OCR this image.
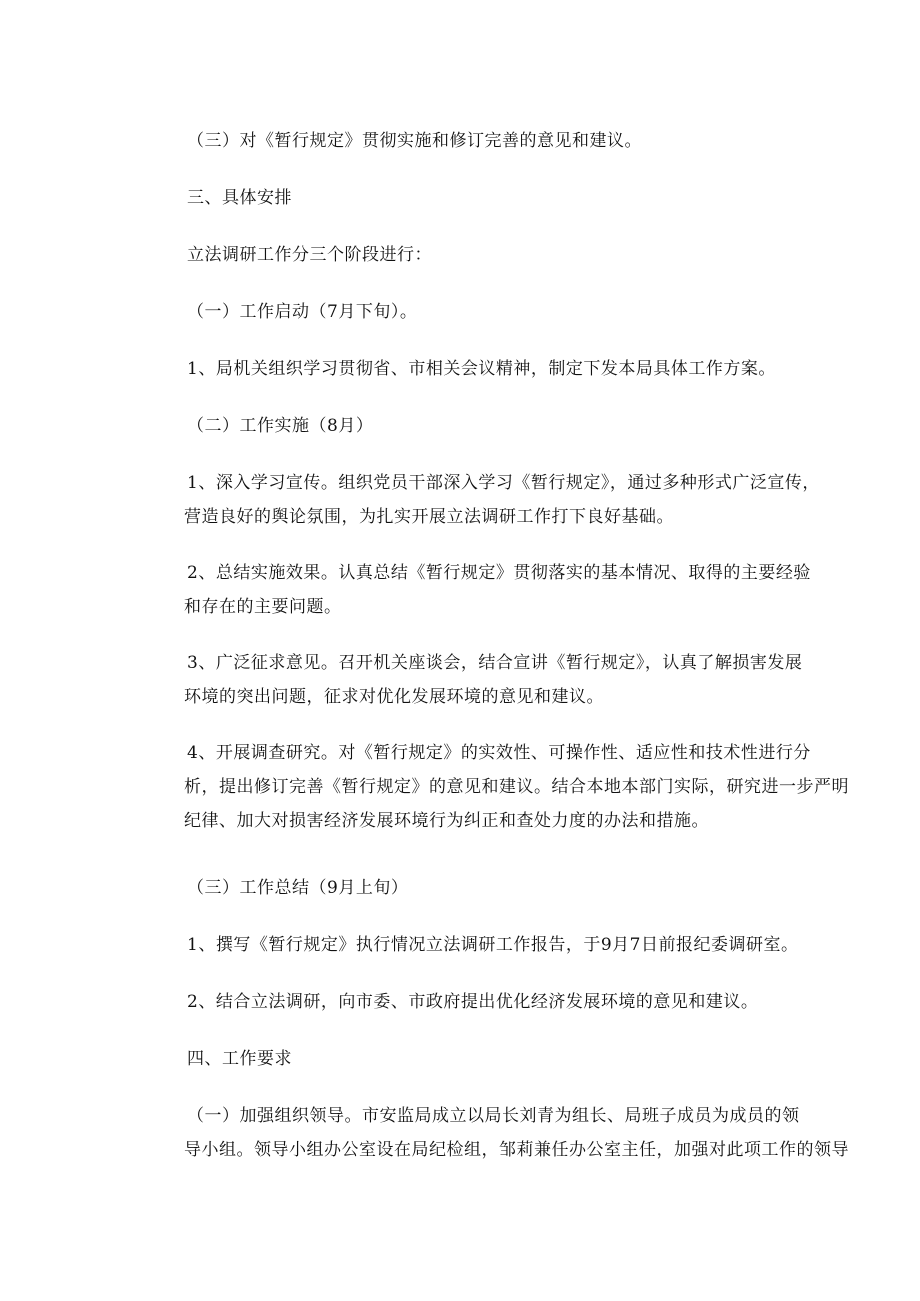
（三）对《暂行规定》贯彻实施和修订完善的意见和建议。
三、具体安排
立法调研工作分三个阶段进行：
（一）工作启动（7月下旬）。
1、局机关组织学习贯彻省、市相关会议精神，制定下发本局具体工作方案。
（二）工作实施（8月）
1、深入学习宣传。组织党员干部深入学习《暂行规定》，通过多种形式广泛宣传，
营造良好的舆论氛围，为扎实开展立法调研工作打下良好基础。
2、总结实施效果。认真总结《暂行规定》贯彻落实的基本情况、取得的主要经验
和存在的主要问题。
3、广泛征求意见。召开机关座谈会，结合宣讲《暂行规定》，认真了解损害发展
环境的突出问题，征求对优化发展环境的意见和建议。
4、开展调查研究。对《暂行规定》的实效性、可操作性、适应性和技术性进行分
析，提出修订完善《暂行规定》的意见和建议。结合本地本部门实际，研究进一步严明
纪律、加大对损害经济发展环境行为纠正和查处力度的办法和措施。
（三）工作总结（9月上旬）
1、撰写《暂行规定》执行情况立法调研工作报告，于9月7日前报纪委调研室。
2、结合立法调研，向市委、市政府提出优化经济发展环境的意见和建议。
四、工作要求
（一）加强组织领导。市安监局成立以局长刘青为组长、局班子成员为成员的领
导小组。领导小组办公室设在局纪检组，邹莉兼任办公室主任，加强对此项工作的领导
